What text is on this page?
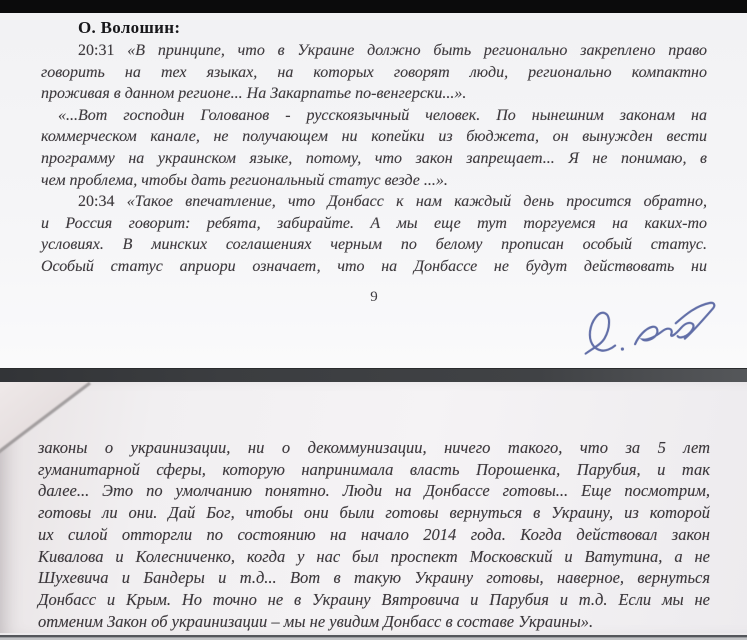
О. Волошин:
20:31 «В принципе, что в Украине должно быть регионально закреплено право
говорить на тех языках, на которых говорят люди, регионально компактно
проживая в данном регионе... На Закарпатье по-венгерски...».
«...Вот господин Голованов - русскоязычный человек. По нынешним законам на
коммерческом канале, не получающем ни копейки из бюджета, он вынужден вести
программу на украинском языке, потому, что закон запрещает... Я не понимаю, в
чем проблема, чтобы дать региональный статус везде ...».
20:34 «Такое впечатление, что Донбасс к нам каждый день просится обратно,
и Россия говорит: ребята, забирайте. А мы еще тут торгуемся на каких-то
условиях. В минских соглашениях черным по белому прописан особый статус.
Особый статус априори означает, что на Донбассе не будут действовать ни
9
законы о украинизации, ни о декоммунизации, ничего такого, что за 5 лет
гуманитарной сферы, которую напринимала власть Порошенка, Парубия, и так
далее... Это по умолчанию понятно. Люди на Донбассе готовы... Еще посмотрим,
готовы ли они. Дай Бог, чтобы они были готовы вернуться в Украину, из которой
их силой отторгли по состоянию на начало 2014 года. Когда действовал закон
Кивалова и Колесниченко, когда у нас был проспект Московский и Ватутина, а не
Шухевича и Бандеры и т.д... Вот в такую Украину готовы, наверное, вернуться
Донбасс и Крым. Но точно не в Украину Вятровича и Парубия и т.д. Если мы не
отменим Закон об украинизации – мы не увидим Донбасс в составе Украины».
